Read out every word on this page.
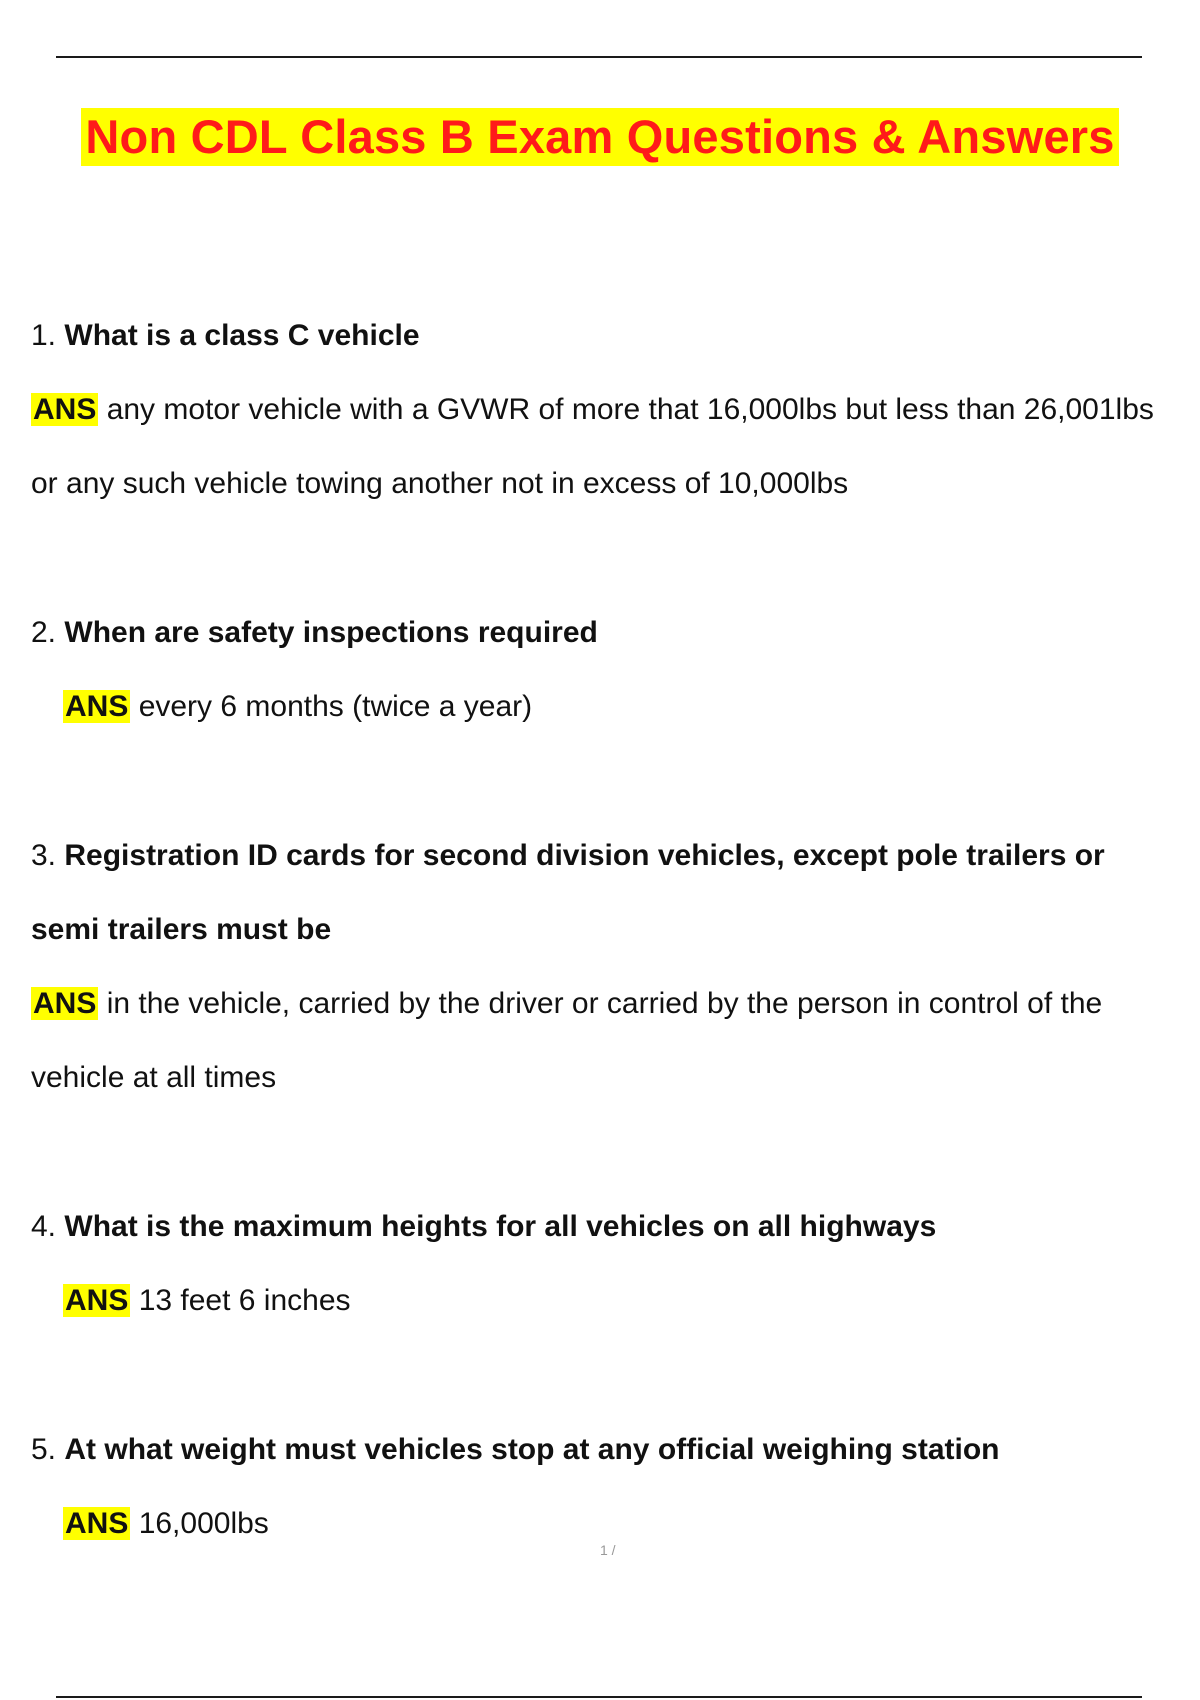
Non CDL Class B Exam Questions & Answers
1. What is a class C vehicle
ANS any motor vehicle with a GVWR of more that 16,000lbs but less than 26,001lbs
or any such vehicle towing another not in excess of 10,000lbs
2. When are safety inspections required
ANS every 6 months (twice a year)
3. Registration ID cards for second division vehicles, except pole trailers or
semi trailers must be
ANS in the vehicle, carried by the driver or carried by the person in control of the
vehicle at all times
4. What is the maximum heights for all vehicles on all highways
ANS 13 feet 6 inches
5. At what weight must vehicles stop at any official weighing station
ANS 16,000lbs
1 /
